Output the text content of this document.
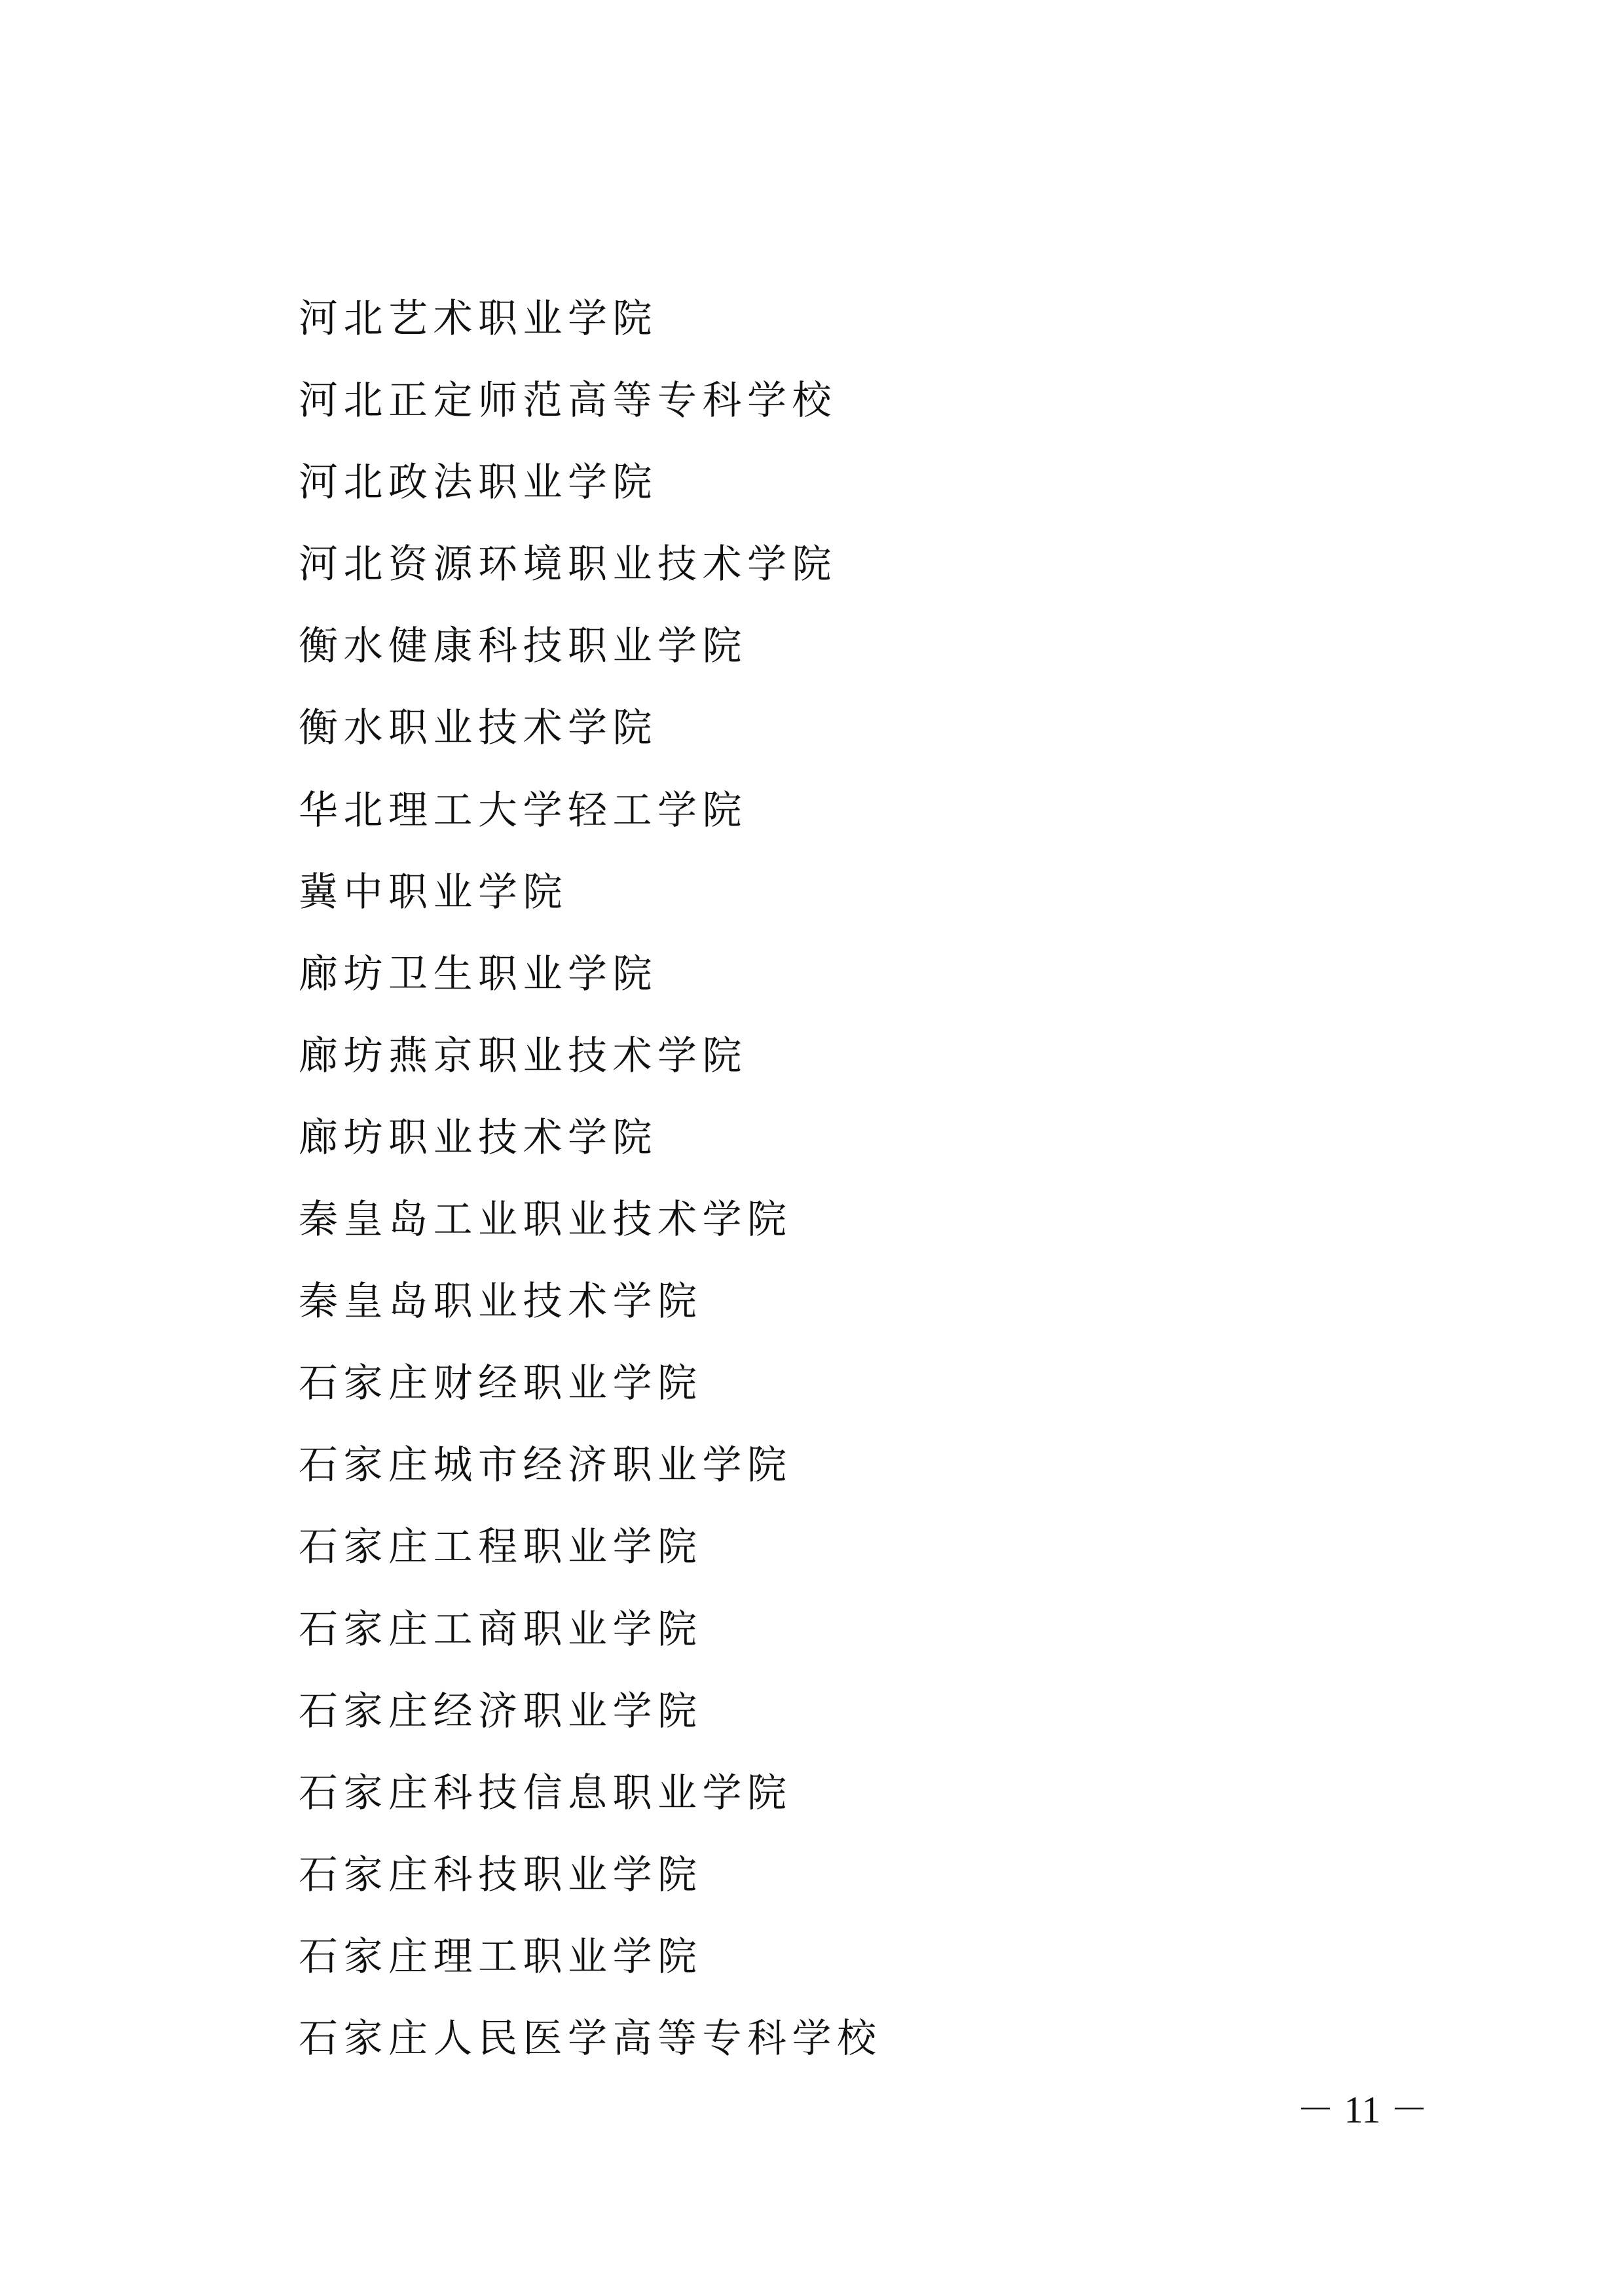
河北艺术职业学院
河北正定师范高等专科学校
河北政法职业学院
河北资源环境职业技术学院
衡水健康科技职业学院
衡水职业技术学院
华北理工大学轻工学院
冀中职业学院
廊坊卫生职业学院
廊坊燕京职业技术学院
廊坊职业技术学院
秦皇岛工业职业技术学院
秦皇岛职业技术学院
石家庄财经职业学院
石家庄城市经济职业学院
石家庄工程职业学院
石家庄工商职业学院
石家庄经济职业学院
石家庄科技信息职业学院
石家庄科技职业学院
石家庄理工职业学院
石家庄人民医学高等专科学校
－ 11 －
